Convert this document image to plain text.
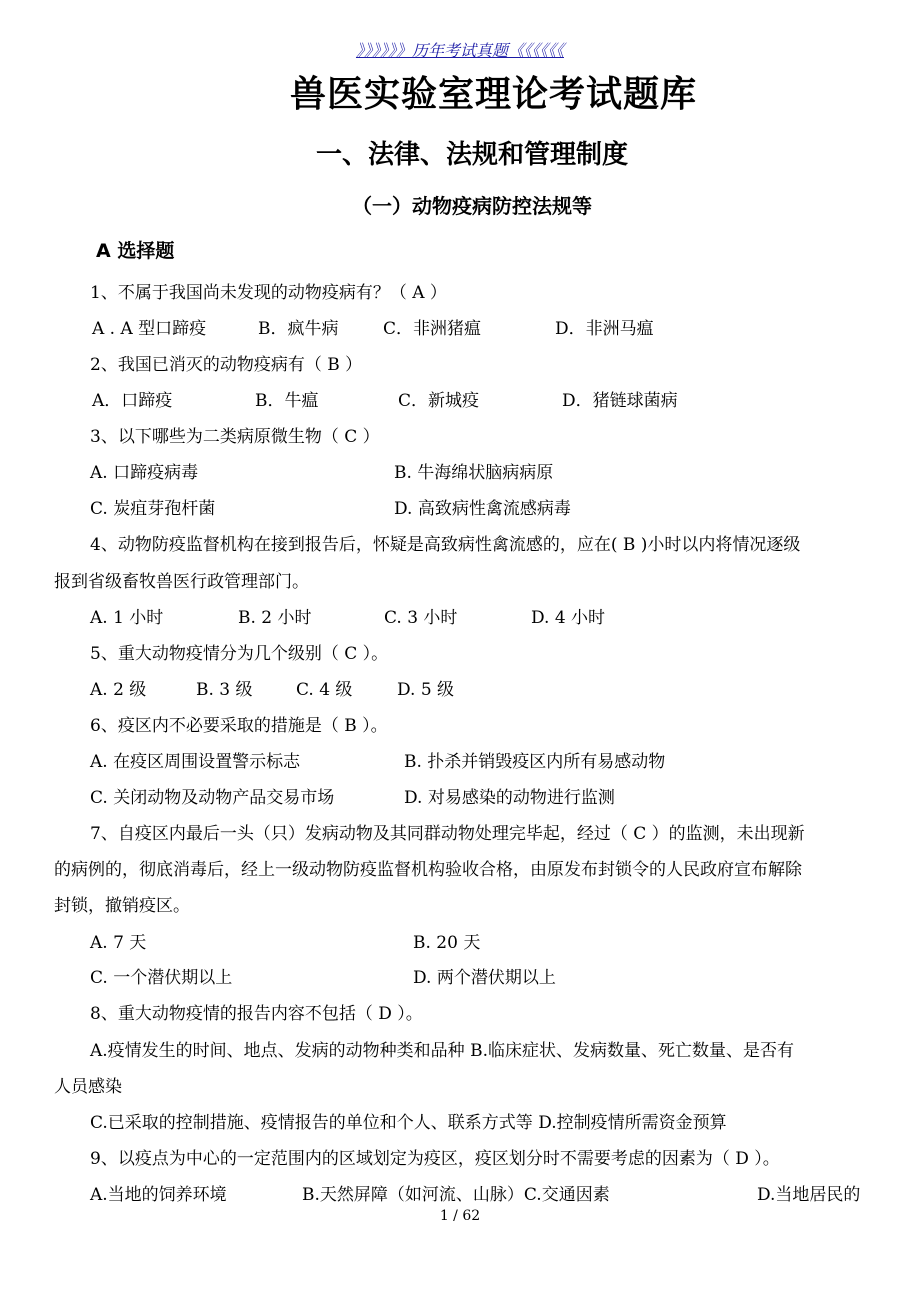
》》》》》》历年考试真题《《《《《《
兽医实验室理论考试题库
一、法律、法规和管理制度
（一）动物疫病防控法规等
A 选择题
1、不属于我国尚未发现的动物疫病有？（ A ）
A . A 型口蹄疫	B．疯牛病	C．非洲猪瘟	D．非洲马瘟
2、我国已消灭的动物疫病有（ B ）
A．口蹄疫	B．牛瘟	C．新城疫	D．猪链球菌病
3、以下哪些为二类病原微生物（ C ）
A. 口蹄疫病毒	B. 牛海绵状脑病病原
C. 炭疽芽孢杆菌	D. 高致病性禽流感病毒
4、动物防疫监督机构在接到报告后，怀疑是高致病性禽流感的，应在( B )小时以内将情况逐级
报到省级畜牧兽医行政管理部门。
A. 1 小时	B. 2 小时	C. 3 小时	D. 4 小时
5、重大动物疫情分为几个级别（ C ）。
A. 2 级	B. 3 级	C. 4 级	D. 5 级
6、疫区内不必要采取的措施是（ B ）。
A. 在疫区周围设置警示标志	B. 扑杀并销毁疫区内所有易感动物
C. 关闭动物及动物产品交易市场	D. 对易感染的动物进行监测
7、自疫区内最后一头（只）发病动物及其同群动物处理完毕起，经过（ C ）的监测，未出现新
的病例的，彻底消毒后，经上一级动物防疫监督机构验收合格，由原发布封锁令的人民政府宣布解除
封锁，撤销疫区。
A. 7 天	B. 20 天
C. 一个潜伏期以上	D. 两个潜伏期以上
8、重大动物疫情的报告内容不包括（ D ）。
A.疫情发生的时间、地点、发病的动物种类和品种 B.临床症状、发病数量、死亡数量、是否有
人员感染
C.已采取的控制措施、疫情报告的单位和个人、联系方式等 D.控制疫情所需资金预算
9、以疫点为中心的一定范围内的区域划定为疫区，疫区划分时不需要考虑的因素为（ D ）。
A.当地的饲养环境	B.天然屏障（如河流、山脉）C.交通因素	D.当地居民的
1 / 62
